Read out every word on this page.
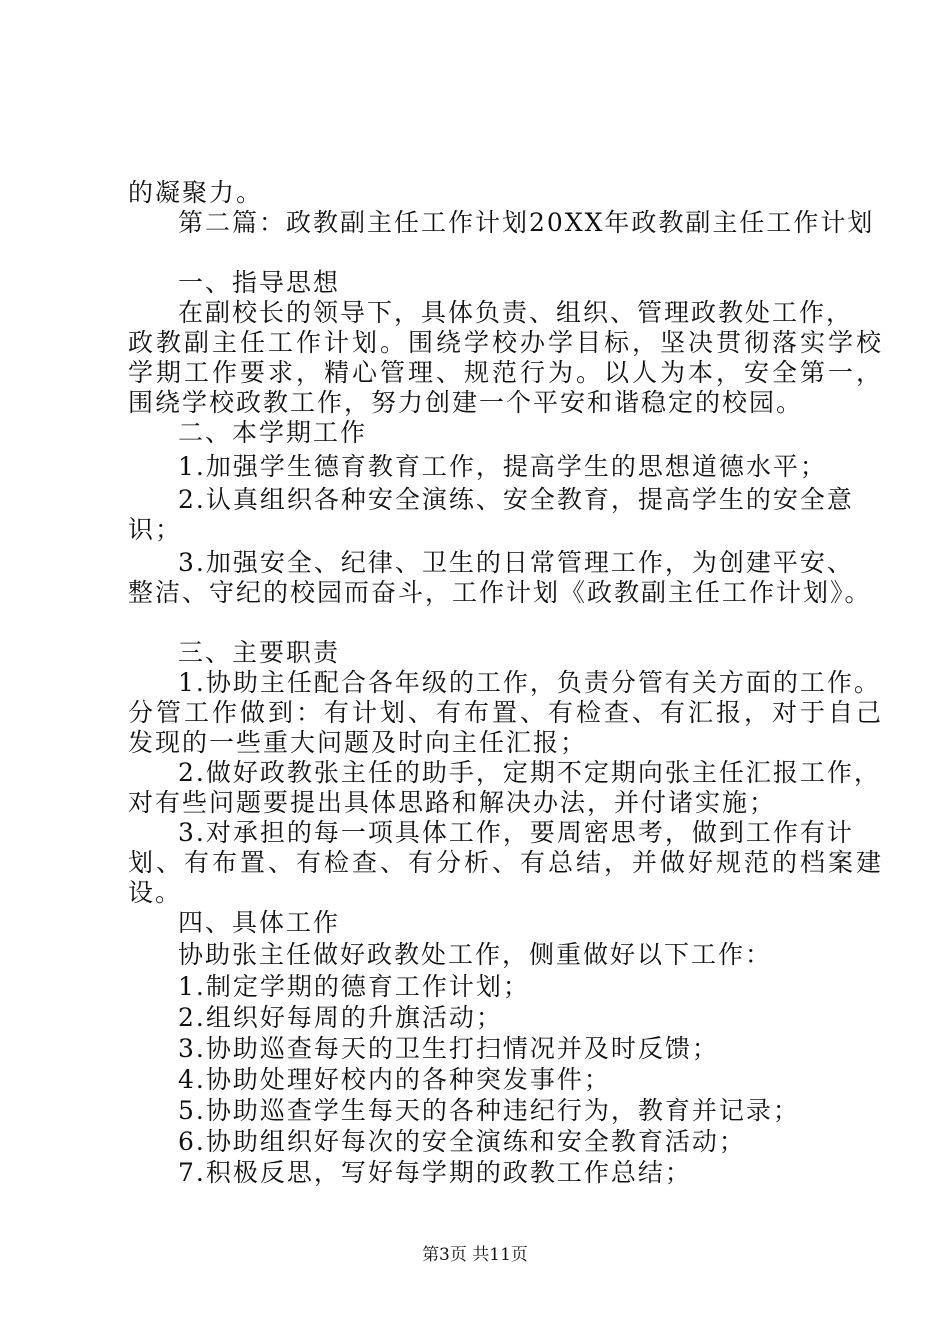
的凝聚力。
第二篇：政教副主任工作计划20XX年政教副主任工作计划
一、指导思想
在副校长的领导下，具体负责、组织、管理政教处工作，
政教副主任工作计划。围绕学校办学目标，坚决贯彻落实学校
学期工作要求，精心管理、规范行为。以人为本，安全第一，
围绕学校政教工作，努力创建一个平安和谐稳定的校园。
二、本学期工作
1.加强学生德育教育工作，提高学生的思想道德水平；
2.认真组织各种安全演练、安全教育，提高学生的安全意
识；
3.加强安全、纪律、卫生的日常管理工作，为创建平安、
整洁、守纪的校园而奋斗，工作计划《政教副主任工作计划》。
三、主要职责
1.协助主任配合各年级的工作，负责分管有关方面的工作。
分管工作做到：有计划、有布置、有检查、有汇报，对于自己
发现的一些重大问题及时向主任汇报；
2.做好政教张主任的助手，定期不定期向张主任汇报工作，
对有些问题要提出具体思路和解决办法，并付诸实施；
3.对承担的每一项具体工作，要周密思考，做到工作有计
划、有布置、有检查、有分析、有总结，并做好规范的档案建
设。
四、具体工作
协助张主任做好政教处工作，侧重做好以下工作：
1.制定学期的德育工作计划；
2.组织好每周的升旗活动；
3.协助巡查每天的卫生打扫情况并及时反馈；
4.协助处理好校内的各种突发事件；
5.协助巡查学生每天的各种违纪行为，教育并记录；
6.协助组织好每次的安全演练和安全教育活动；
7.积极反思，写好每学期的政教工作总结；
第3页 共11页
